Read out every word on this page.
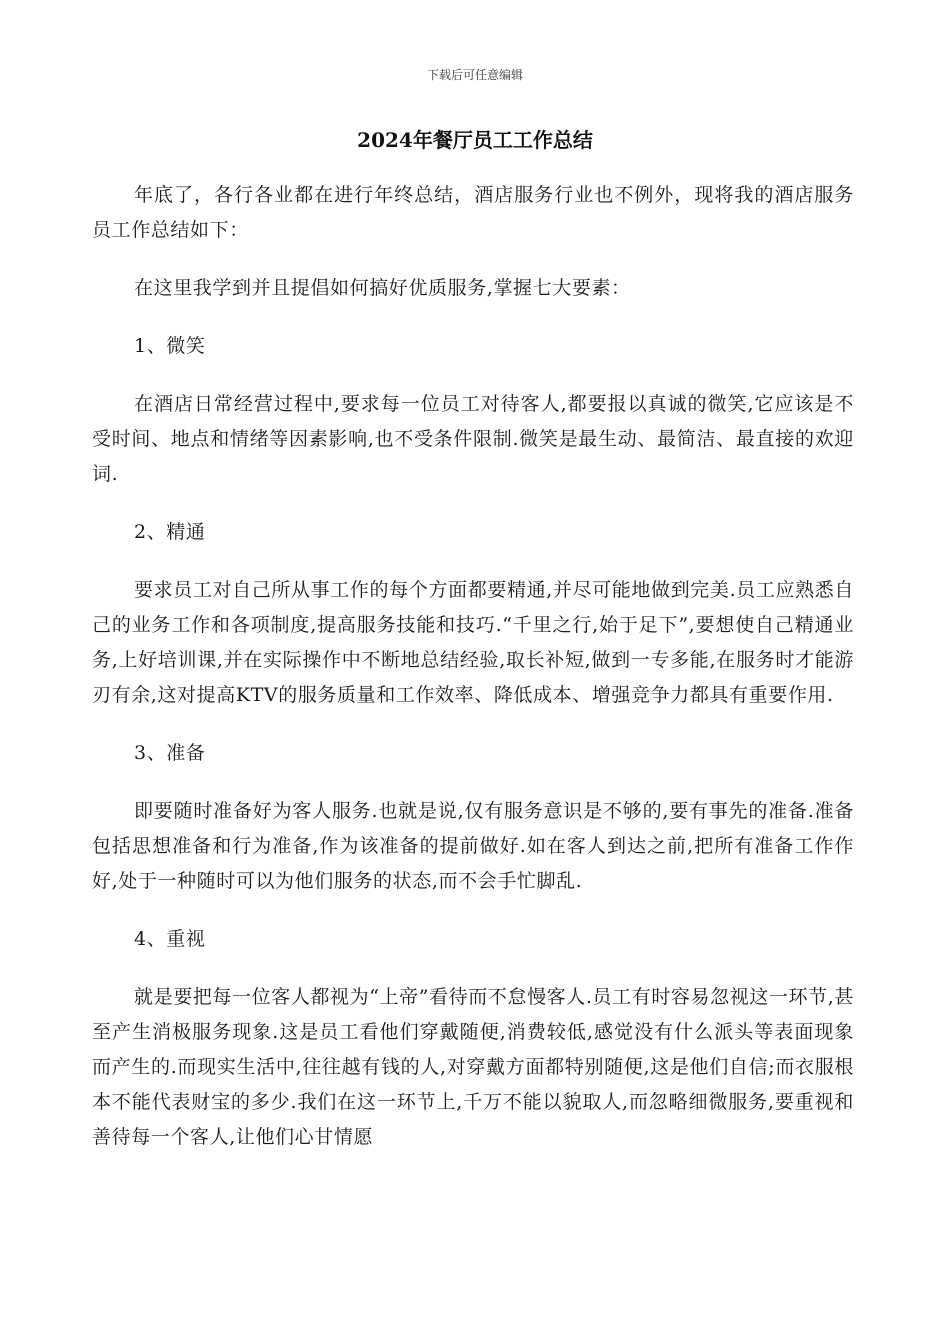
下载后可任意编辑
2024年餐厅员工工作总结

年底了，各行各业都在进行年终总结，酒店服务行业也不例外，现将我的酒店服务员工作总结如下：

在这里我学到并且提倡如何搞好优质服务,掌握七大要素：

1、微笑

在酒店日常经营过程中,要求每一位员工对待客人,都要报以真诚的微笑,它应该是不受时间、地点和情绪等因素影响,也不受条件限制.微笑是最生动、最简洁、最直接的欢迎词.

2、精通

要求员工对自己所从事工作的每个方面都要精通,并尽可能地做到完美.员工应熟悉自己的业务工作和各项制度,提高服务技能和技巧.“千里之行,始于足下”,要想使自己精通业务,上好培训课,并在实际操作中不断地总结经验,取长补短,做到一专多能,在服务时才能游刃有余,这对提高KTV的服务质量和工作效率、降低成本、增强竞争力都具有重要作用.

3、准备

即要随时准备好为客人服务.也就是说,仅有服务意识是不够的,要有事先的准备.准备包括思想准备和行为准备,作为该准备的提前做好.如在客人到达之前,把所有准备工作作好,处于一种随时可以为他们服务的状态,而不会手忙脚乱.

4、重视

就是要把每一位客人都视为“上帝”看待而不怠慢客人.员工有时容易忽视这一环节,甚至产生消极服务现象.这是员工看他们穿戴随便,消费较低,感觉没有什么派头等表面现象而产生的.而现实生活中,往往越有钱的人,对穿戴方面都特别随便,这是他们自信;而衣服根本不能代表财宝的多少.我们在这一环节上,千万不能以貌取人,而忽略细微服务,要重视和善待每一个客人,让他们心甘情愿
